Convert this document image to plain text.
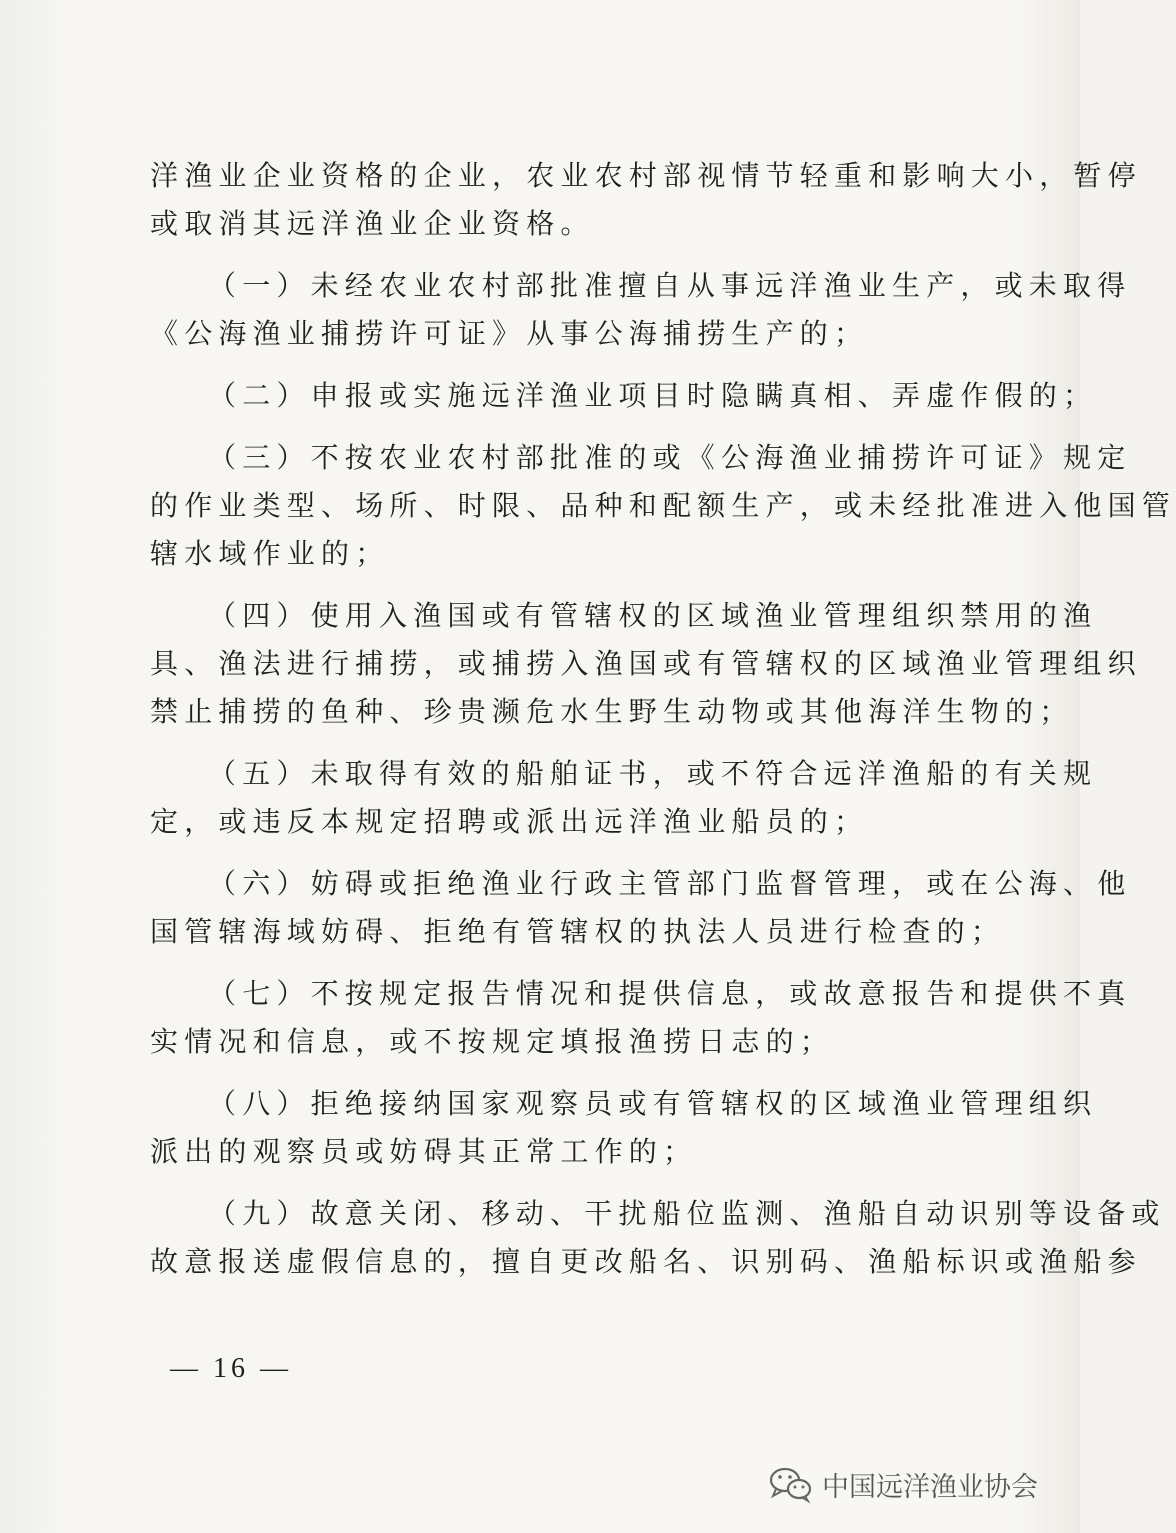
洋渔业企业资格的企业，农业农村部视情节轻重和影响大小，暂停
或取消其远洋渔业企业资格。
（一）未经农业农村部批准擅自从事远洋渔业生产，或未取得
《公海渔业捕捞许可证》从事公海捕捞生产的；
（二）申报或实施远洋渔业项目时隐瞒真相、弄虚作假的；
（三）不按农业农村部批准的或《公海渔业捕捞许可证》规定
的作业类型、场所、时限、品种和配额生产，或未经批准进入他国管
辖水域作业的；
（四）使用入渔国或有管辖权的区域渔业管理组织禁用的渔
具、渔法进行捕捞，或捕捞入渔国或有管辖权的区域渔业管理组织
禁止捕捞的鱼种、珍贵濒危水生野生动物或其他海洋生物的；
（五）未取得有效的船舶证书，或不符合远洋渔船的有关规
定，或违反本规定招聘或派出远洋渔业船员的；
（六）妨碍或拒绝渔业行政主管部门监督管理，或在公海、他
国管辖海域妨碍、拒绝有管辖权的执法人员进行检查的；
（七）不按规定报告情况和提供信息，或故意报告和提供不真
实情况和信息，或不按规定填报渔捞日志的；
（八）拒绝接纳国家观察员或有管辖权的区域渔业管理组织
派出的观察员或妨碍其正常工作的；
（九）故意关闭、移动、干扰船位监测、渔船自动识别等设备或
故意报送虚假信息的，擅自更改船名、识别码、渔船标识或渔船参
— 16 —
中国远洋渔业协会
